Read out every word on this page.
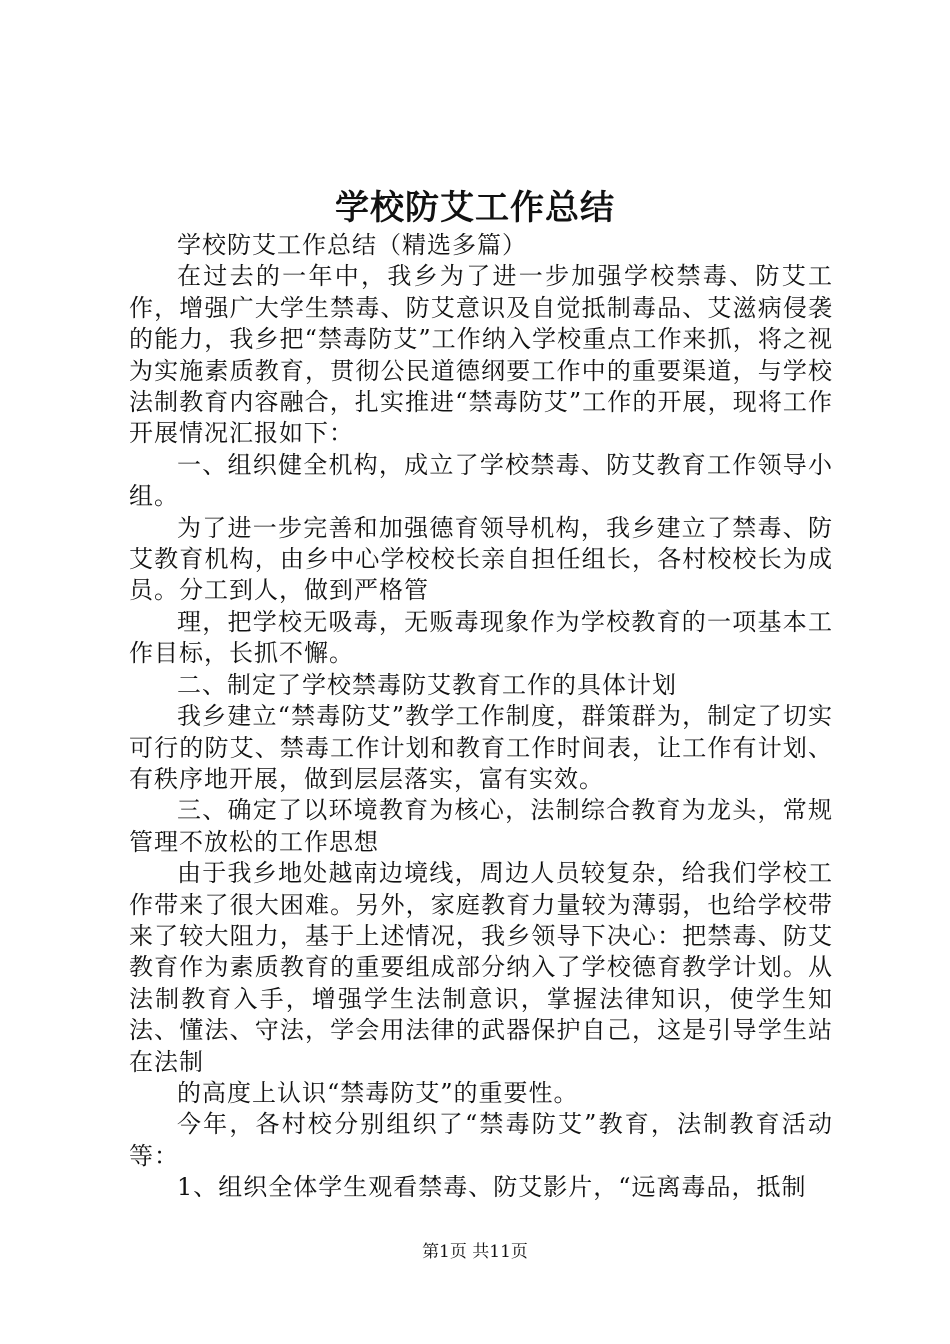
学校防艾工作总结

学校防艾工作总结（精选多篇）

在过去的一年中，我乡为了进一步加强学校禁毒、防艾工作，增强广大学生禁毒、防艾意识及自觉抵制毒品、艾滋病侵袭的能力，我乡把“禁毒防艾”工作纳入学校重点工作来抓，将之视为实施素质教育，贯彻公民道德纲要工作中的重要渠道，与学校法制教育内容融合，扎实推进“禁毒防艾”工作的开展，现将工作开展情况汇报如下：

一、组织健全机构，成立了学校禁毒、防艾教育工作领导小组。

为了进一步完善和加强德育领导机构，我乡建立了禁毒、防艾教育机构，由乡中心学校校长亲自担任组长，各村校校长为成员。分工到人，做到严格管

理，把学校无吸毒，无贩毒现象作为学校教育的一项基本工作目标，长抓不懈。

二、制定了学校禁毒防艾教育工作的具体计划

我乡建立“禁毒防艾”教学工作制度，群策群为，制定了切实可行的防艾、禁毒工作计划和教育工作时间表，让工作有计划、有秩序地开展，做到层层落实，富有实效。

三、确定了以环境教育为核心，法制综合教育为龙头，常规管理不放松的工作思想

由于我乡地处越南边境线，周边人员较复杂，给我们学校工作带来了很大困难。另外，家庭教育力量较为薄弱，也给学校带来了较大阻力，基于上述情况，我乡领导下决心：把禁毒、防艾教育作为素质教育的重要组成部分纳入了学校德育教学计划。从法制教育入手，增强学生法制意识，掌握法律知识，使学生知法、懂法、守法，学会用法律的武器保护自己，这是引导学生站在法制

的高度上认识“禁毒防艾”的重要性。

今年，各村校分别组织了“禁毒防艾”教育，法制教育活动等：

1、组织全体学生观看禁毒、防艾影片，“远离毒品，抵制

第1页 共11页
